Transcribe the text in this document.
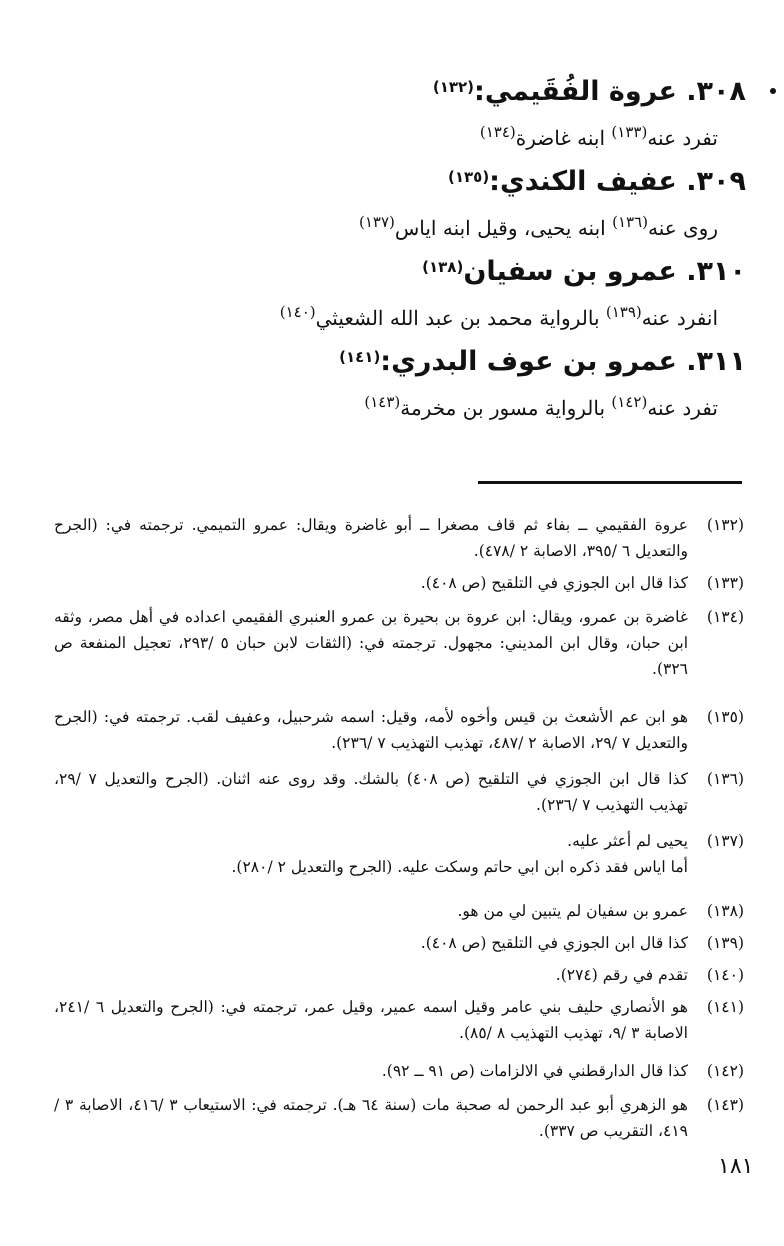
۳۰۸. عروة الفُقَيمي:$^{(۱۳۲)}$
تفرد عنه$^{(۱۳۳)}$ ابنه غاضرة$^{(۱۳٤)}$
۳۰۹. عفيف الكندي:$^{(۱۳٥)}$
روى عنه$^{(۱۳٦)}$ ابنه يحيى، وقيل ابنه اياس$^{(۱۳۷)}$
۳۱۰. عمرو بن سفيان$^{(۱۳۸)}$
انفرد عنه$^{(۱۳۹)}$ بالرواية محمد بن عبد الله الشعيثي$^{(۱٤۰)}$
۳۱۱. عمرو بن عوف البدري:$^{(۱٤۱)}$
تفرد عنه$^{(۱٤۲)}$ بالرواية مسور بن مخرمة$^{(۱٤۳)}$
(۱۳۲)
عروة الفقيمي ــ بفاء ثم قاف مصغرا ــ أبو غاضرة ويقال: عمرو التميمي. ترجمته في: (الجرح والتعديل ٦ /۳۹٥، الاصابة ۲ /٤۷۸).
(۱۳۳)
كذا قال ابن الجوزي في التلقيح (ص ٤۰۸).
(۱۳٤)
غاضرة بن عمرو، ويقال: ابن عروة بن بحيرة بن عمرو العنبري الفقيمي اعداده في أهل مصر، وثقه ابن حبان، وقال ابن المديني: مجهول. ترجمته في: (الثقات لابن حبان ٥ /۲۹۳، تعجيل المنفعة ص ۳۲٦).
(۱۳٥)
هو ابن عم الأشعث بن قيس وأخوه لأمه، وقيل: اسمه شرحبيل، وعفيف لقب. ترجمته في: (الجرح والتعديل ۷ /۲۹، الاصابة ۲ /٤۸۷، تهذيب التهذيب ۷ /۲۳٦).
(۱۳٦)
كذا قال ابن الجوزي في التلقيح (ص ٤۰۸) بالشك. وقد روى عنه اثنان. (الجرح والتعديل ۷ /۲۹، تهذيب التهذيب ۷ /۲۳٦).
(۱۳۷)
يحيى لم أعثر عليه.
أما اياس فقد ذكره ابن ابي حاتم وسكت عليه. (الجرح والتعديل ۲ /۲۸۰).
(۱۳۸)
عمرو بن سفيان لم يتبين لي من هو.
(۱۳۹)
كذا قال ابن الجوزي في التلقيح (ص ٤۰۸).
(۱٤۰)
تقدم في رقم (۲۷٤).
(۱٤۱)
هو الأنصاري حليف بني عامر وقيل اسمه عمير، وقيل عمر، ترجمته في: (الجرح والتعديل ٦ /۲٤۱، الاصابة ۳ /۹، تهذيب التهذيب ۸ /۸٥).
(۱٤۲)
كذا قال الدارقطني في الالزامات (ص ۹۱ ــ ۹۲).
(۱٤۳)
هو الزهري أبو عبد الرحمن له صحبة مات (سنة ٦٤ هـ). ترجمته في: الاستيعاب ۳ /٤۱٦، الاصابة ۳ /٤۱۹، التقريب ص ۳۳۷).
۱۸۱
